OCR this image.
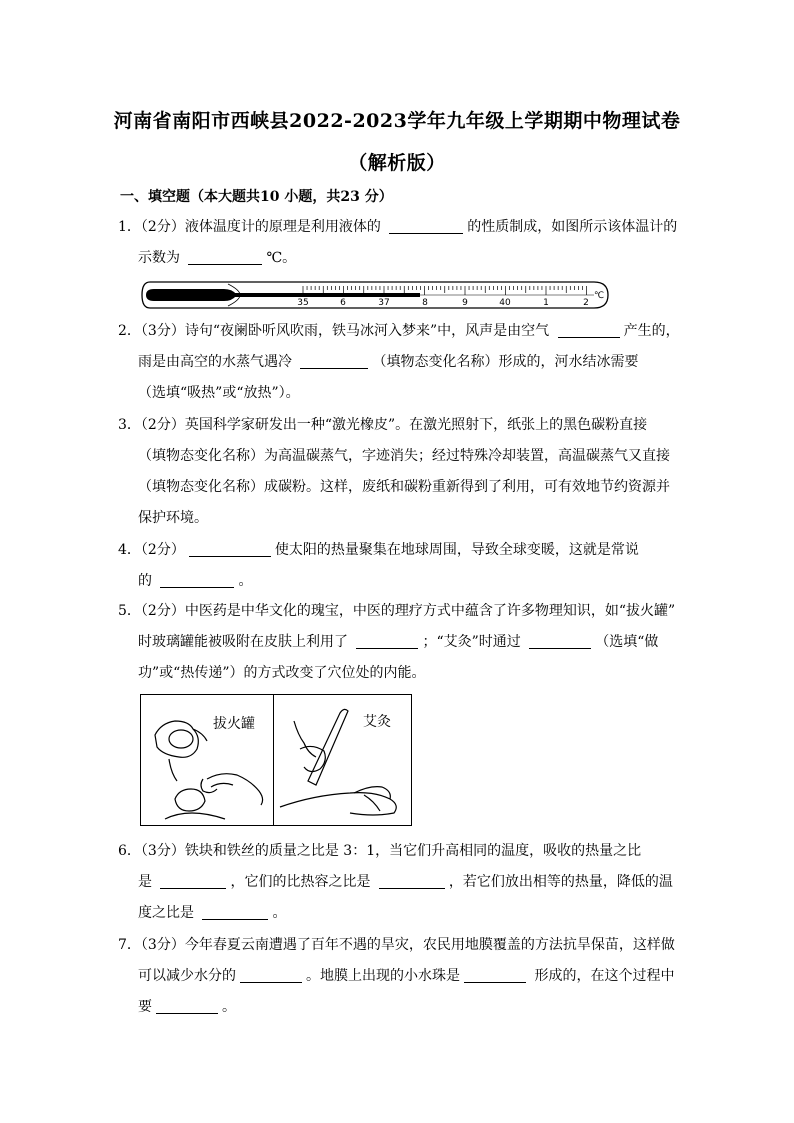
河南省南阳市西峡县2022-2023学年九年级上学期期中物理试卷
（解析版）
一、填空题（本大题共10 小题，共23 分）
1．（2分）液体温度计的原理是利用液体的	的性质制成，如图所示该体温计的
示数为	℃。
35	6	37	8	9	40	1	2
℃
2．（3分）诗句“夜阑卧听风吹雨，铁马冰河入梦来”中，风声是由空气	产生的，
雨是由高空的水蒸气遇冷	（填物态变化名称）形成的，河水结冰需要
（选填“吸热”或“放热”）。
3．（2分）英国科学家研发出一种“激光橡皮”。在激光照射下，纸张上的黑色碳粉直接
（填物态变化名称）为高温碳蒸气，字迹消失；经过特殊冷却装置，高温碳蒸气又直接
（填物态变化名称）成碳粉。这样，废纸和碳粉重新得到了利用，可有效地节约资源并
保护环境。
4．（2分）	使太阳的热量聚集在地球周围，导致全球变暖，这就是常说
的	。
5．（2分）中医药是中华文化的瑰宝，中医的理疗方式中蕴含了许多物理知识，如“拔火罐”
时玻璃罐能被吸附在皮肤上利用了	；“艾灸”时通过	（选填“做
功”或“热传递”）的方式改变了穴位处的内能。
拔火罐	艾灸
6．（3分）铁块和铁丝的质量之比是 3：1，当它们升高相同的温度，吸收的热量之比
是	，它们的比热容之比是	，若它们放出相等的热量，降低的温
度之比是	。
7．（3分）今年春夏云南遭遇了百年不遇的旱灾，农民用地膜覆盖的方法抗旱保苗，这样做
可以减少水分的	。地膜上出现的小水珠是	形成的，在这个过程中
要	。
